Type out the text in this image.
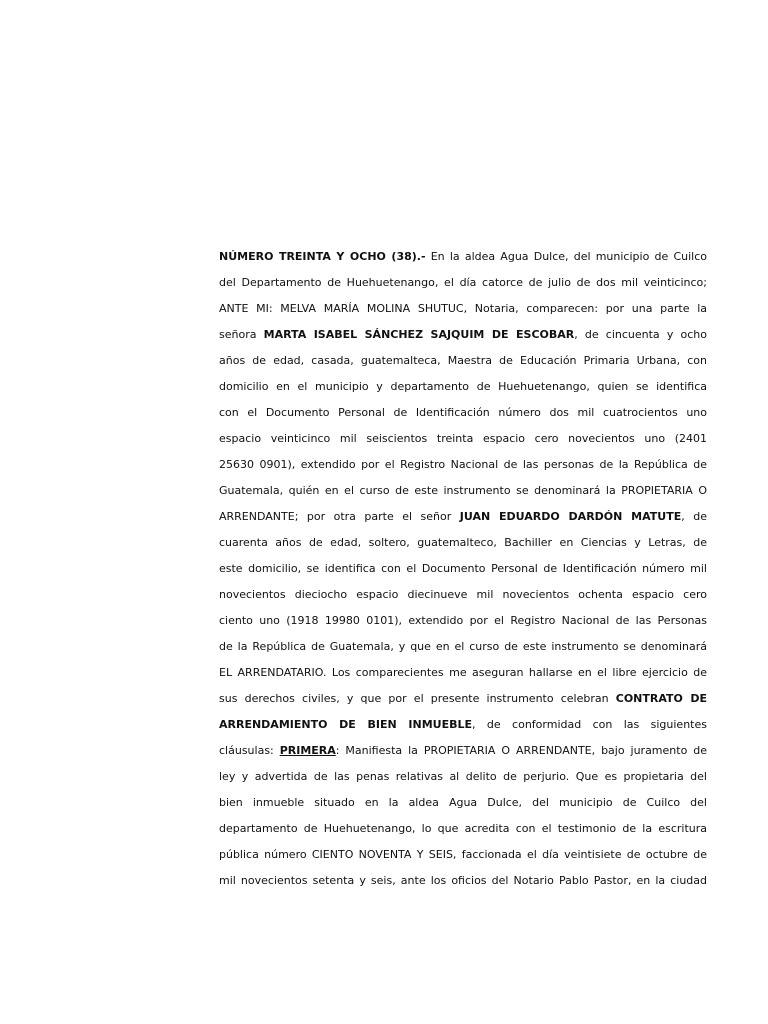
NÚMERO TREINTA Y OCHO (38).- En la aldea Agua Dulce, del municipio de Cuilco
del Departamento de Huehuetenango, el día catorce de julio de dos mil veinticinco;
ANTE MI: MELVA MARÍA MOLINA SHUTUC, Notaria, comparecen: por una parte la
señora MARTA ISABEL SÁNCHEZ SAJQUIM DE ESCOBAR, de cincuenta y ocho
años de edad, casada, guatemalteca, Maestra de Educación Primaria Urbana, con
domicilio en el municipio y departamento de Huehuetenango, quien se identifica
con el Documento Personal de Identificación número dos mil cuatrocientos uno
espacio veinticinco mil seiscientos treinta espacio cero novecientos uno (2401
25630 0901), extendido por el Registro Nacional de las personas de la República de
Guatemala, quién en el curso de este instrumento se denominará la PROPIETARIA O
ARRENDANTE; por otra parte el señor JUAN EDUARDO DARDÓN MATUTE, de
cuarenta años de edad, soltero, guatemalteco, Bachiller en Ciencias y Letras, de
este domicilio, se identifica con el Documento Personal de Identificación número mil
novecientos dieciocho espacio diecinueve mil novecientos ochenta espacio cero
ciento uno (1918 19980 0101), extendido por el Registro Nacional de las Personas
de la República de Guatemala, y que en el curso de este instrumento se denominará
EL ARRENDATARIO. Los comparecientes me aseguran hallarse en el libre ejercicio de
sus derechos civiles, y que por el presente instrumento celebran CONTRATO DE
ARRENDAMIENTO DE BIEN INMUEBLE, de conformidad con las siguientes
cláusulas: PRIMERA: Manifiesta la PROPIETARIA O ARRENDANTE, bajo juramento de
ley y advertida de las penas relativas al delito de perjurio. Que es propietaria del
bien inmueble situado en la aldea Agua Dulce, del municipio de Cuilco del
departamento de Huehuetenango, lo que acredita con el testimonio de la escritura
pública número CIENTO NOVENTA Y SEIS, faccionada el día veintisiete de octubre de
mil novecientos setenta y seis, ante los oficios del Notario Pablo Pastor, en la ciudad
